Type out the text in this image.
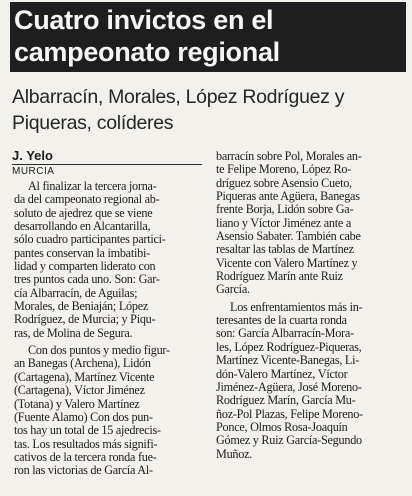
Cuatro invictos en el
campeonato regional
Albarracín, Morales, López Rodríguez y
Piqueras, colíderes
J. Yelo
MURCIA
Al finalizar la tercera jorna-
da del campeonato regional ab-
soluto de ajedrez que se viene
desarrollando en Alcantarilla,
sólo cuadro participantes partici-
pantes conservan la imbatibi-
lidad y comparten liderato con
tres puntos cada uno. Son: Gar-
cía Albarracín, de Aguilas;
Morales, de Beniaján; López
Rodríguez, de Murcia; y Piqu-
ras, de Molina de Segura.
Con dos puntos y medio figur-
an Banegas (Archena), Lidón
(Cartagena), Martínez Vicente
(Cartagena), Víctor Jiménez
(Totana) y Valero Martínez
(Fuente Alamo) Con dos pun-
tos hay un total de 15 ajedrecis-
tas. Los resultados más signifi-
cativos de la tercera ronda fue-
ron las victorias de García Al-
barracín sobre Pol, Morales an-
te Felipe Moreno, López Ro-
dríguez sobre Asensio Cueto,
Piqueras ante Agüera, Banegas
frente Borja, Lidón sobre Ga-
liano y Víctor Jiménez ante a
Asensio Sabater. También cabe
resaltar las tablas de Martínez
Vicente con Valero Martínez y
Rodríguez Marín ante Ruiz
García.
Los enfrentamientos más in-
teresantes de la cuarta ronda
son: García Albarracín-Mora-
les, López Rodríguez-Piqueras,
Martínez Vicente-Banegas, Li-
dón-Valero Martínez, Víctor
Jiménez-Agüera, José Moreno-
Rodríguez Marín, García Mu-
ñoz-Pol Plazas, Felipe Moreno-
Ponce, Olmos Rosa-Joaquín
Gómez y Ruiz García-Segundo
Muñoz.
